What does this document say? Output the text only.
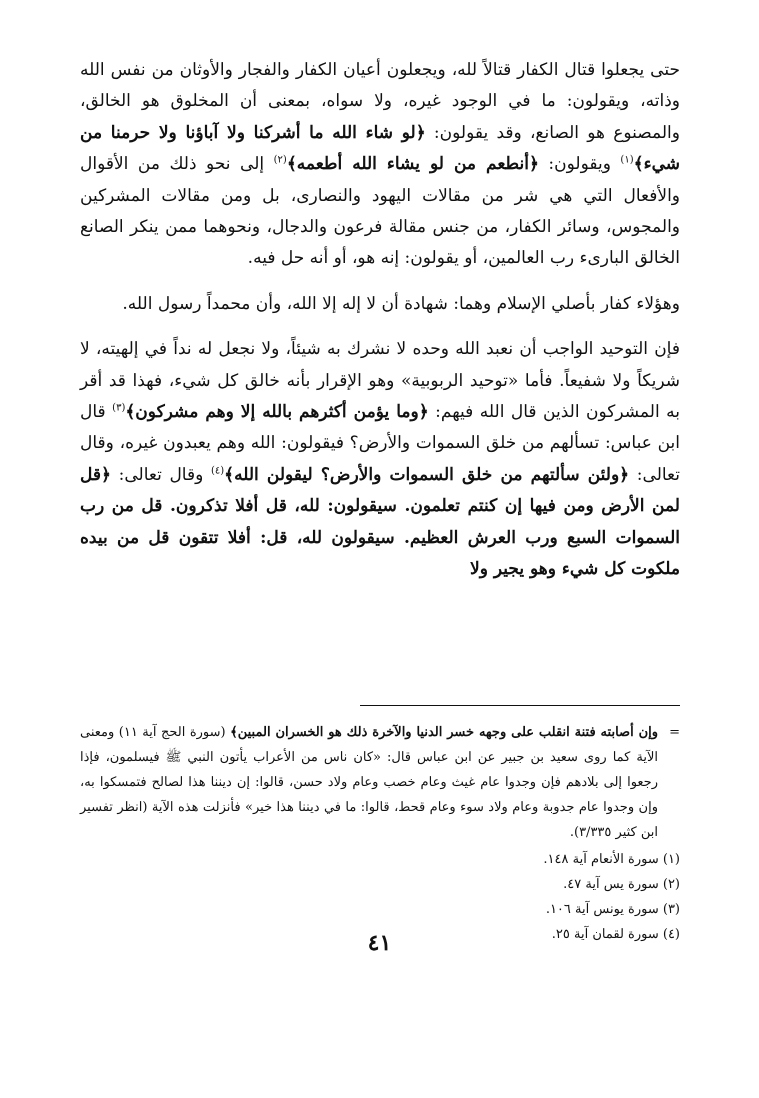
حتى يجعلوا قتال الكفار قتالاً لله، ويجعلون أعيان الكفار والفجار والأوثان من نفس الله وذاته، ويقولون: ما في الوجود غيره، ولا سواه، بمعنى أن المخلوق هو الخالق، والمصنوع هو الصانع، وقد يقولون: ﴿لو شاء الله ما أشركنا ولا آباؤنا ولا حرمنا من شيء﴾$^{(١)}$ ويقولون: ﴿أنطعم من لو يشاء الله أطعمه﴾$^{(٢)}$ إلى نحو ذلك من الأقوال والأفعال التي هي شر من مقالات اليهود والنصارى، بل ومن مقالات المشركين والمجوس، وسائر الكفار، من جنس مقالة فرعون والدجال، ونحوهما ممن ينكر الصانع الخالق البارىء رب العالمين، أو يقولون: إنه هو، أو أنه حل فيه.

وهؤلاء كفار بأصلي الإسلام وهما: شهادة أن لا إله إلا الله، وأن محمداً رسول الله.

فإن التوحيد الواجب أن نعبد الله وحده لا نشرك به شيئاً، ولا نجعل له نداً في إلهيته، لا شريكاً ولا شفيعاً. فأما «توحيد الربوبية» وهو الإقرار بأنه خالق كل شيء، فهذا قد أقر به المشركون الذين قال الله فيهم: ﴿وما يؤمن أكثرهم بالله إلا وهم مشركون﴾$^{(٣)}$ قال ابن عباس: تسألهم من خلق السموات والأرض؟ فيقولون: الله وهم يعبدون غيره، وقال تعالى: ﴿ولئن سألتهم من خلق السموات والأرض؟ ليقولن الله﴾$^{(٤)}$ وقال تعالى: ﴿قل لمن الأرض ومن فيها إن كنتم تعلمون. سيقولون: لله، قل أفلا تذكرون. قل من رب السموات السبع ورب العرش العظيم. سيقولون لله، قل: أفلا تتقون قل من بيده ملكوت كل شيء وهو يجير ولا

=
وإن أصابته فتنة انقلب على وجهه خسر الدنيا والآخرة ذلك هو الخسران المبين﴾ (سورة الحج آية ١١) ومعنى الآية كما روى سعيد بن جبير عن ابن عباس قال: «كان ناس من الأعراب يأتون النبي ﷺ فيسلمون، فإذا رجعوا إلى بلادهم فإن وجدوا عام غيث وعام خصب وعام ولاد حسن، قالوا: إن ديننا هذا لصالح فتمسكوا به، وإن وجدوا عام جدوبة وعام ولاد سوء وعام قحط، قالوا: ما في ديننا هذا خير» فأنزلت هذه الآية (انظر تفسير ابن كثير ٣/٣٣٥).

(١) سورة الأنعام آية ١٤٨.
(٢) سورة يس آية ٤٧.
(٣) سورة يونس آية ١٠٦.
(٤) سورة لقمان آية ٢٥.
٤١
